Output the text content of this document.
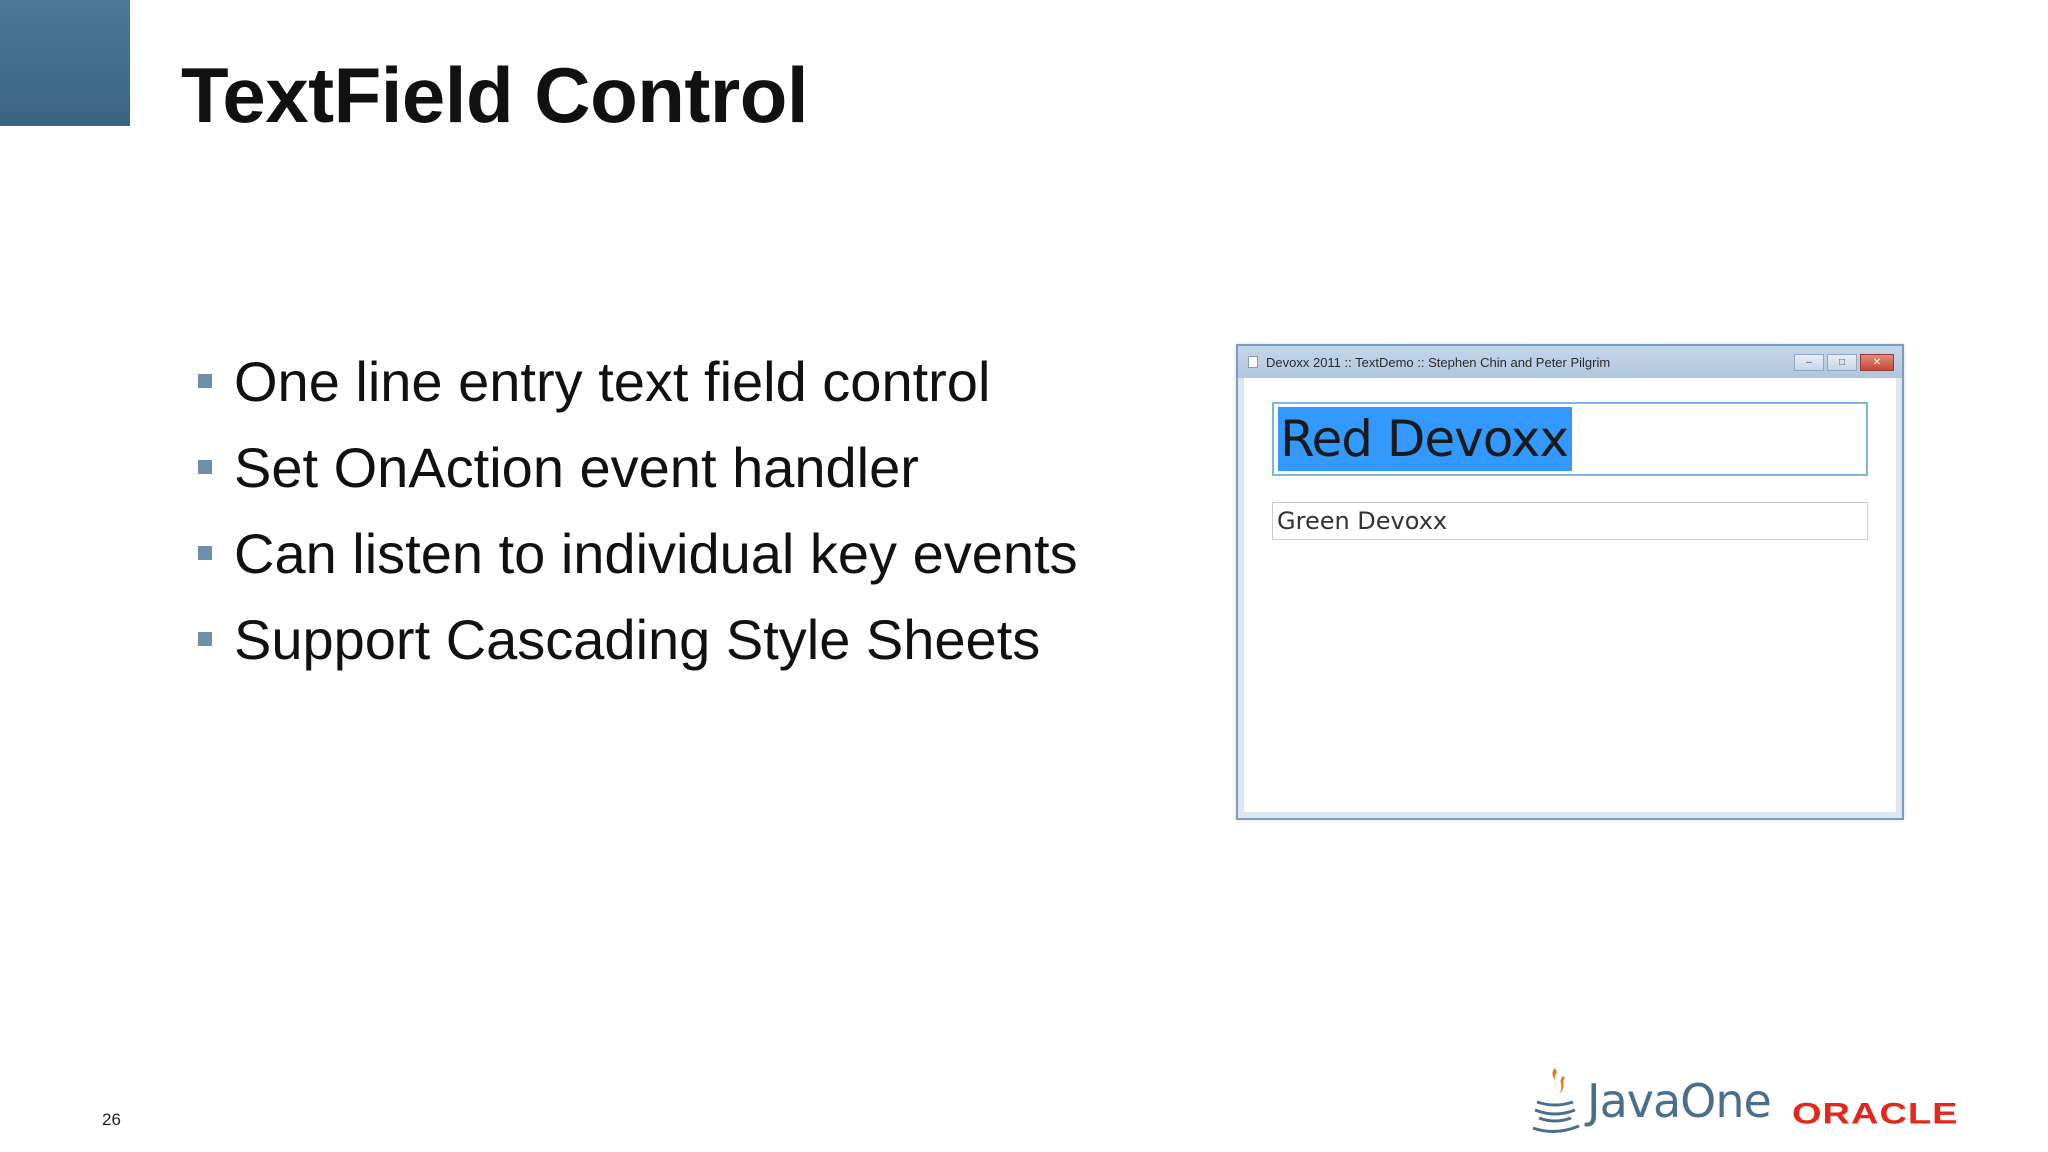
TextField Control
One line entry text field control
Set OnAction event handler
Can listen to individual key events
Support Cascading Style Sheets
Devoxx 2011 :: TextDemo :: Stephen Chin and Peter Pilgrim	–	□	✕
Red Devoxx
Green Devoxx
26	JavaOne ORACLE
